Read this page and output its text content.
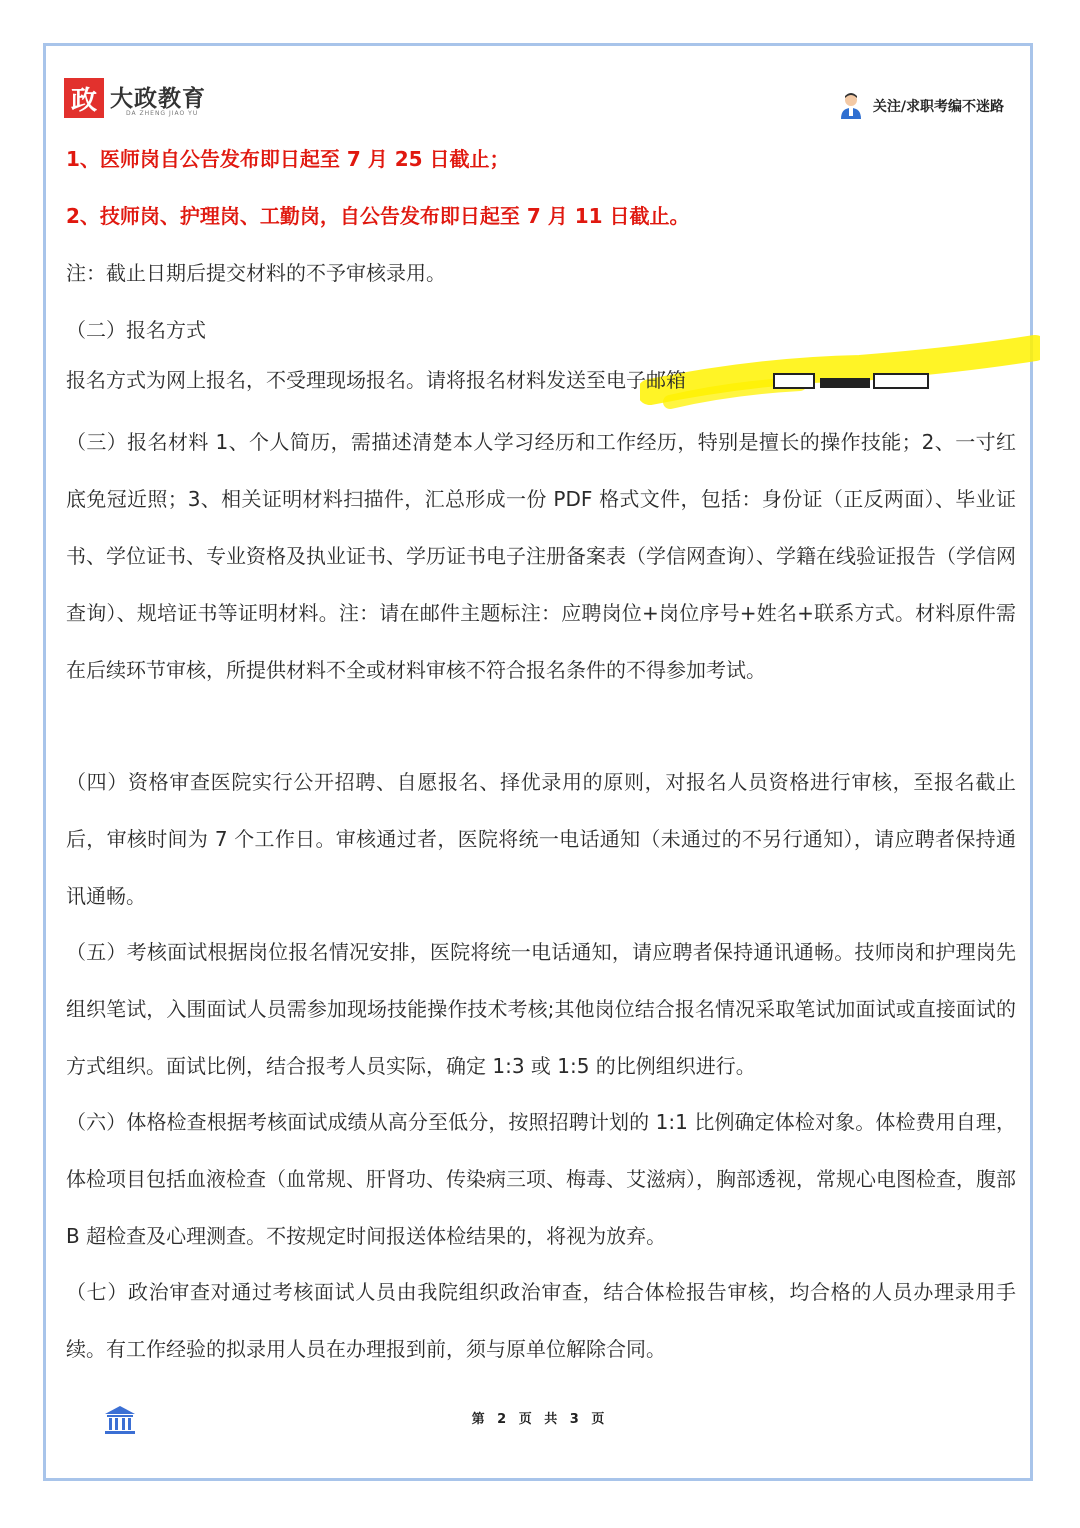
政 大政教育
DA ZHENG JIAO YU	关注/求职考编不迷路
1、医师岗自公告发布即日起至 7 月 25 日截止；
2、技师岗、护理岗、工勤岗，自公告发布即日起至 7 月 11 日截止。
注：截止日期后提交材料的不予审核录用。
（二）报名方式
报名方式为网上报名，不受理现场报名。请将报名材料发送至电子邮箱
（三）报名材料 1、个人简历，需描述清楚本人学习经历和工作经历，特别是擅长的操作技能；2、一寸红底免冠近照；3、相关证明材料扫描件，汇总形成一份 PDF 格式文件，包括：身份证（正反两面）、毕业证书、学位证书、专业资格及执业证书、学历证书电子注册备案表（学信网查询）、学籍在线验证报告（学信网查询）、规培证书等证明材料。注：请在邮件主题标注：应聘岗位+岗位序号+姓名+联系方式。材料原件需在后续环节审核，所提供材料不全或材料审核不符合报名条件的不得参加考试。
（四）资格审查医院实行公开招聘、自愿报名、择优录用的原则，对报名人员资格进行审核，至报名截止后，审核时间为 7 个工作日。审核通过者，医院将统一电话通知（未通过的不另行通知），请应聘者保持通讯通畅。
（五）考核面试根据岗位报名情况安排，医院将统一电话通知，请应聘者保持通讯通畅。技师岗和护理岗先组织笔试，入围面试人员需参加现场技能操作技术考核;其他岗位结合报名情况采取笔试加面试或直接面试的方式组织。面试比例，结合报考人员实际，确定 1:3 或 1:5 的比例组织进行。
（六）体格检查根据考核面试成绩从高分至低分，按照招聘计划的 1:1 比例确定体检对象。体检费用自理，体检项目包括血液检查（血常规、肝肾功、传染病三项、梅毒、艾滋病），胸部透视，常规心电图检查，腹部 B 超检查及心理测查。不按规定时间报送体检结果的，将视为放弃。
（七）政治审查对通过考核面试人员由我院组织政治审查，结合体检报告审核，均合格的人员办理录用手续。有工作经验的拟录用人员在办理报到前，须与原单位解除合同。
第 2 页 共 3 页
